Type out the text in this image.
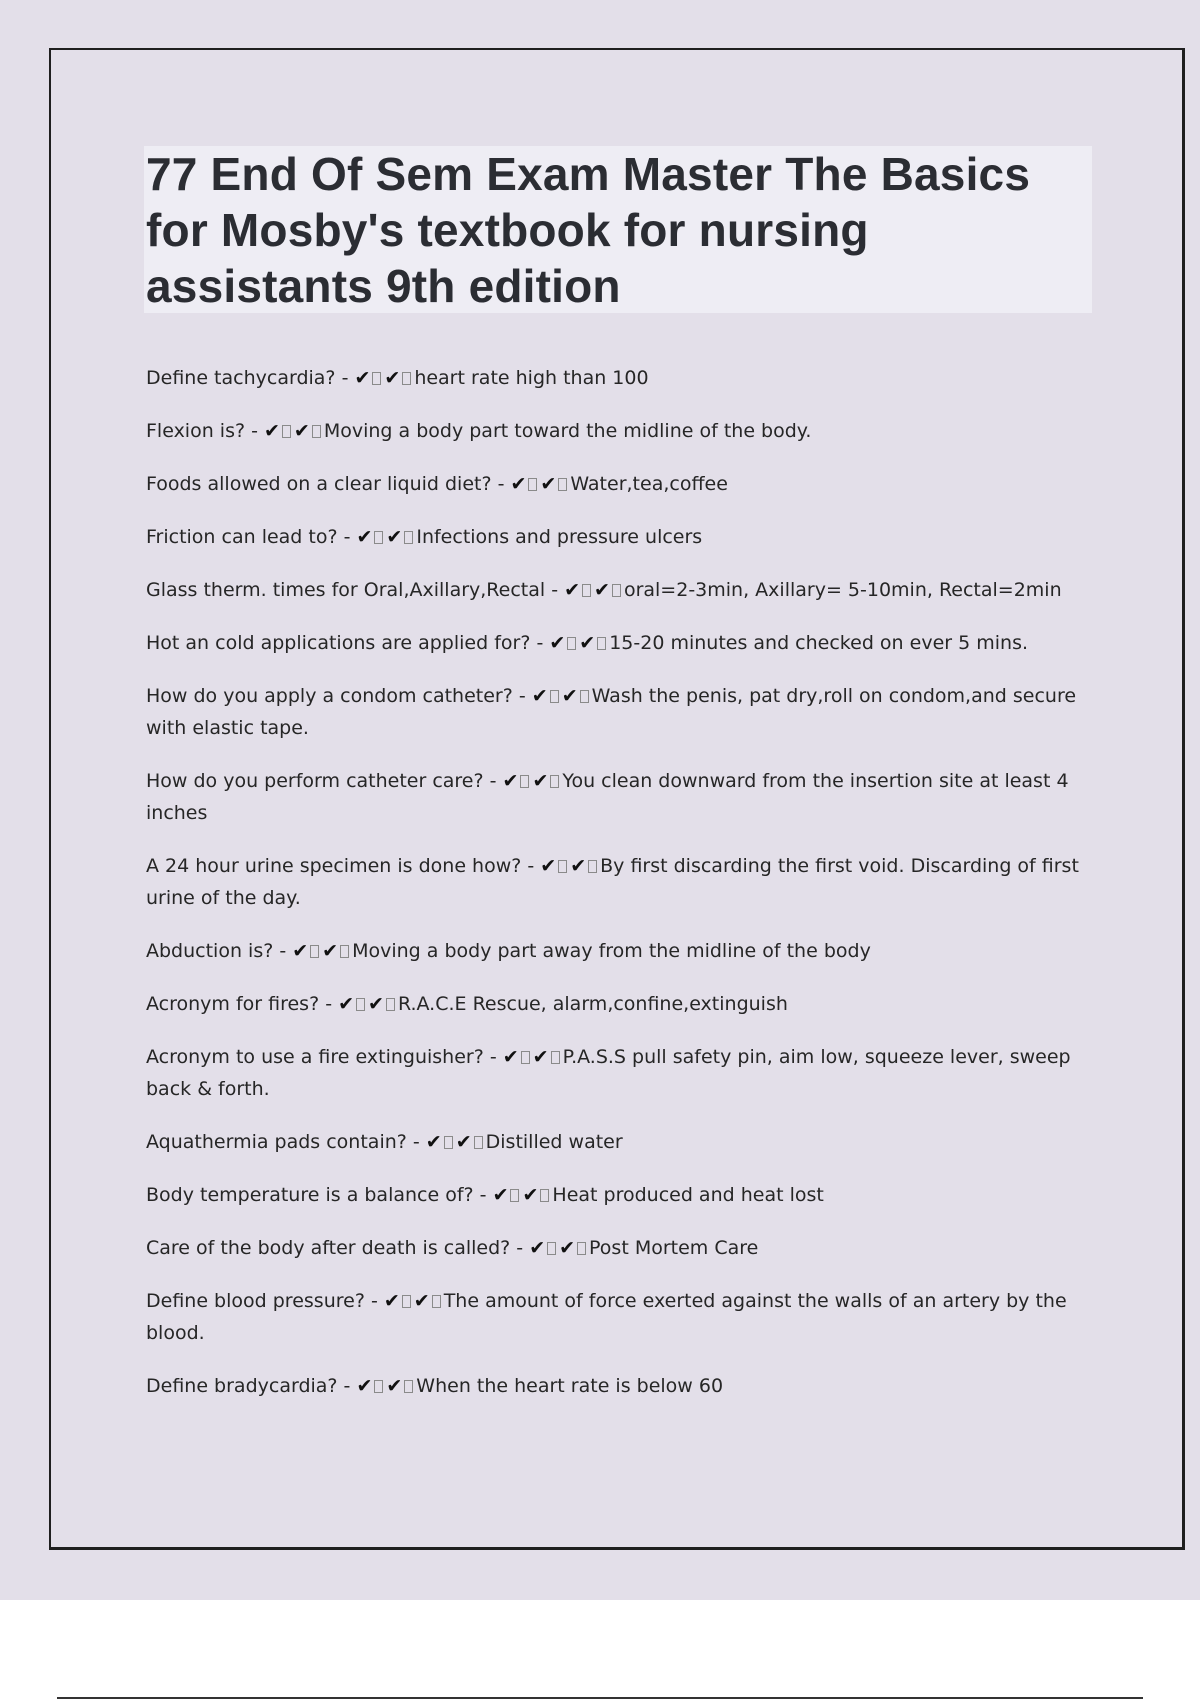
77 End Of Sem Exam Master The Basics for Mosby's textbook for nursing assistants 9th edition

Define tachycardia? - ✔ ✔ heart rate high than 100

Flexion is? - ✔ ✔ Moving a body part toward the midline of the body.

Foods allowed on a clear liquid diet? - ✔ ✔ Water,tea,coffee

Friction can lead to? - ✔ ✔ Infections and pressure ulcers

Glass therm. times for Oral,Axillary,Rectal - ✔ ✔ oral=2-3min, Axillary= 5-10min, Rectal=2min

Hot an cold applications are applied for? - ✔ ✔ 15-20 minutes and checked on ever 5 mins.

How do you apply a condom catheter? - ✔ ✔ Wash the penis, pat dry,roll on condom,and secure with elastic tape.

How do you perform catheter care? - ✔ ✔ You clean downward from the insertion site at least 4 inches

A 24 hour urine specimen is done how? - ✔ ✔ By first discarding the first void. Discarding of first urine of the day.

Abduction is? - ✔ ✔ Moving a body part away from the midline of the body

Acronym for fires? - ✔ ✔ R.A.C.E Rescue, alarm,confine,extinguish

Acronym to use a fire extinguisher? - ✔ ✔ P.A.S.S pull safety pin, aim low, squeeze lever, sweep back & forth.

Aquathermia pads contain? - ✔ ✔ Distilled water

Body temperature is a balance of? - ✔ ✔ Heat produced and heat lost

Care of the body after death is called? - ✔ ✔ Post Mortem Care

Define blood pressure? - ✔ ✔ The amount of force exerted against the walls of an artery by the blood.

Define bradycardia? - ✔ ✔ When the heart rate is below 60
